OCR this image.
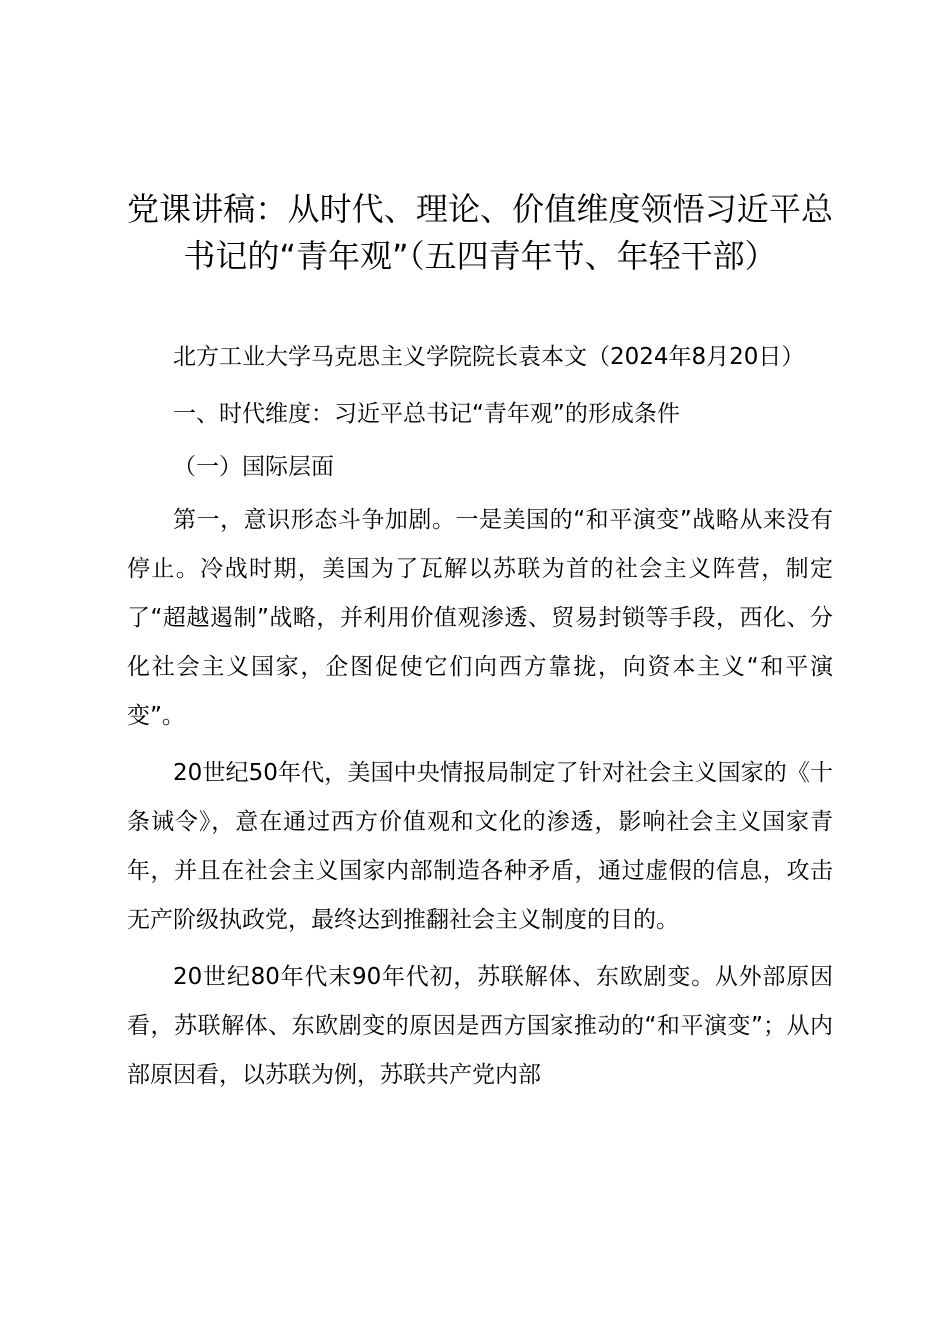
党课讲稿：从时代、理论、价值维度领悟习近平总书记的“青年观”（五四青年节、年轻干部）

北方工业大学马克思主义学院院长袁本文（2024年8月20日）

一、时代维度：习近平总书记“青年观”的形成条件

（一）国际层面

第一，意识形态斗争加剧。一是美国的“和平演变”战略从来没有停止。冷战时期，美国为了瓦解以苏联为首的社会主义阵营，制定了“超越遏制”战略，并利用价值观渗透、贸易封锁等手段，西化、分化社会主义国家，企图促使它们向西方靠拢，向资本主义“和平演变”。

20世纪50年代，美国中央情报局制定了针对社会主义国家的《十条诫令》，意在通过西方价值观和文化的渗透，影响社会主义国家青年，并且在社会主义国家内部制造各种矛盾，通过虚假的信息，攻击无产阶级执政党，最终达到推翻社会主义制度的目的。

20世纪80年代末90年代初，苏联解体、东欧剧变。从外部原因看，苏联解体、东欧剧变的原因是西方国家推动的“和平演变”；从内部原因看，以苏联为例，苏联共产党内部
